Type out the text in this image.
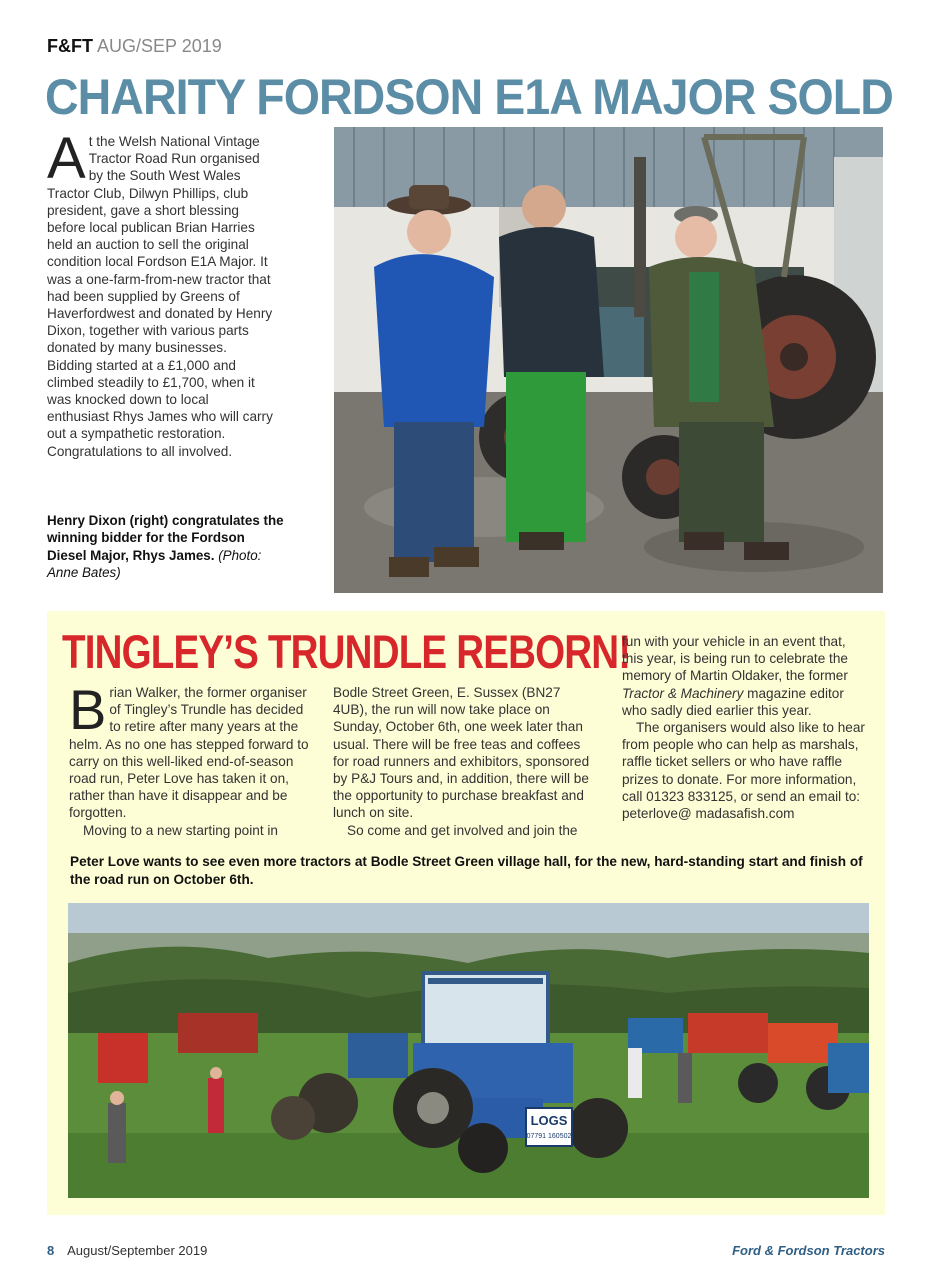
F&FT AUG/SEP 2019
CHARITY FORDSON E1A MAJOR SOLD
A t the Welsh National Vintage Tractor Road Run organised by the South West Wales Tractor Club, Dilwyn Phillips, club president, gave a short blessing before local publican Brian Harries held an auction to sell the original condition local Fordson E1A Major. It was a one-farm-from-new tractor that had been supplied by Greens of Haverfordwest and donated by Henry Dixon, together with various parts donated by many businesses. Bidding started at a £1,000 and climbed steadily to £1,700, when it was knocked down to local enthusiast Rhys James who will carry out a sympathetic restoration. Congratulations to all involved.
Henry Dixon (right) congratulates the winning bidder for the Fordson Diesel Major, Rhys James. (Photo: Anne Bates)
TINGLEY’S TRUNDLE REBORN!
B rian Walker, the former organiser of Tingley’s Trundle has decided to retire after many years at the helm. As no one has stepped forward to carry on this well-liked end-of-season road run, Peter Love has taken it on, rather than have it disappear and be forgotten.
Moving to a new starting point in
Bodle Street Green, E. Sussex (BN27 4UB), the run will now take place on Sunday, October 6th, one week later than usual. There will be free teas and coffees for road runners and exhibitors, sponsored by P&J Tours and, in addition, there will be the opportunity to purchase breakfast and lunch on site.
So come and get involved and join the
fun with your vehicle in an event that, this year, is being run to celebrate the memory of Martin Oldaker, the former Tractor & Machinery magazine editor who sadly died earlier this year.
The organisers would also like to hear from people who can help as marshals, raffle ticket sellers or who have raffle prizes to donate. For more information, call 01323 833125, or send an email to: peterlove@ madasafish.com
Peter Love wants to see even more tractors at Bodle Street Green village hall, for the new, hard-standing start and finish of the road run on October 6th.
LOGS
07791 160502
8 August/September 2019	Ford & Fordson Tractors
